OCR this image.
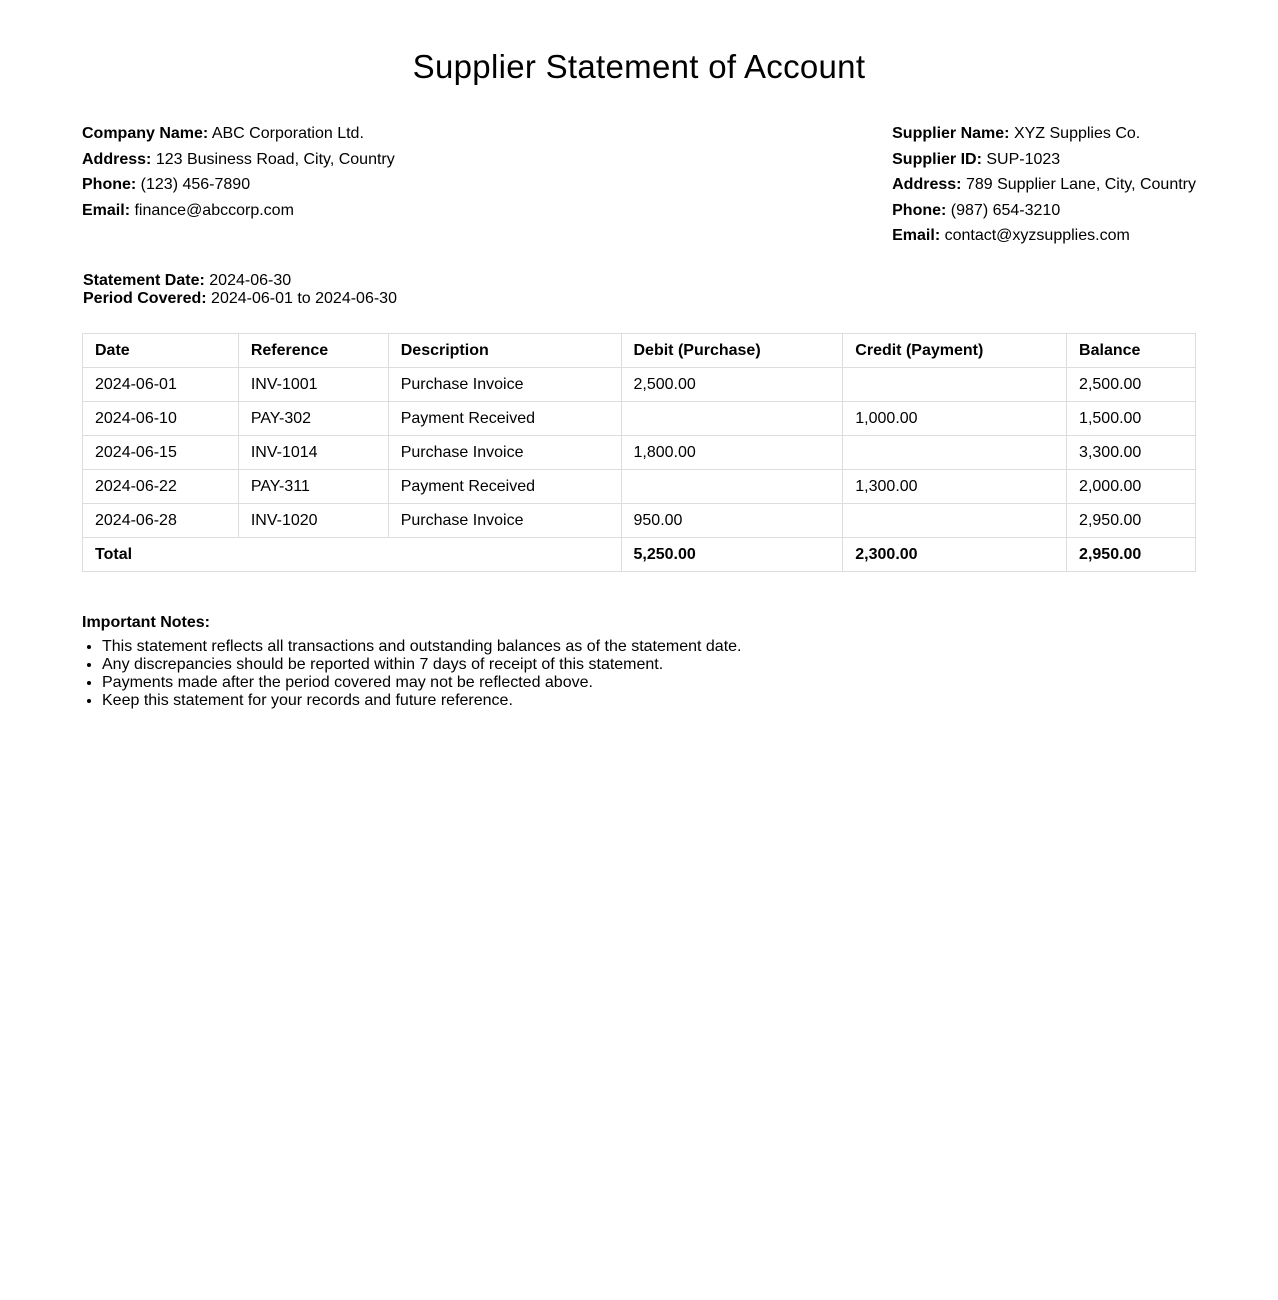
Supplier Statement of Account
Company Name: ABC Corporation Ltd.
Address: 123 Business Road, City, Country
Phone: (123) 456-7890
Email: finance@abccorp.com
Supplier Name: XYZ Supplies Co.
Supplier ID: SUP-1023
Address: 789 Supplier Lane, City, Country
Phone: (987) 654-3210
Email: contact@xyzsupplies.com
Statement Date: 2024-06-30
Period Covered: 2024-06-01 to 2024-06-30
Date	Reference	Description	Debit (Purchase)	Credit (Payment)	Balance
2024-06-01	INV-1001	Purchase Invoice	2,500.00		2,500.00
2024-06-10	PAY-302	Payment Received		1,000.00	1,500.00
2024-06-15	INV-1014	Purchase Invoice	1,800.00		3,300.00
2024-06-22	PAY-311	Payment Received		1,300.00	2,000.00
2024-06-28	INV-1020	Purchase Invoice	950.00		2,950.00
Total			5,250.00	2,300.00	2,950.00
Important Notes:
• This statement reflects all transactions and outstanding balances as of the statement date.
• Any discrepancies should be reported within 7 days of receipt of this statement.
• Payments made after the period covered may not be reflected above.
• Keep this statement for your records and future reference.
